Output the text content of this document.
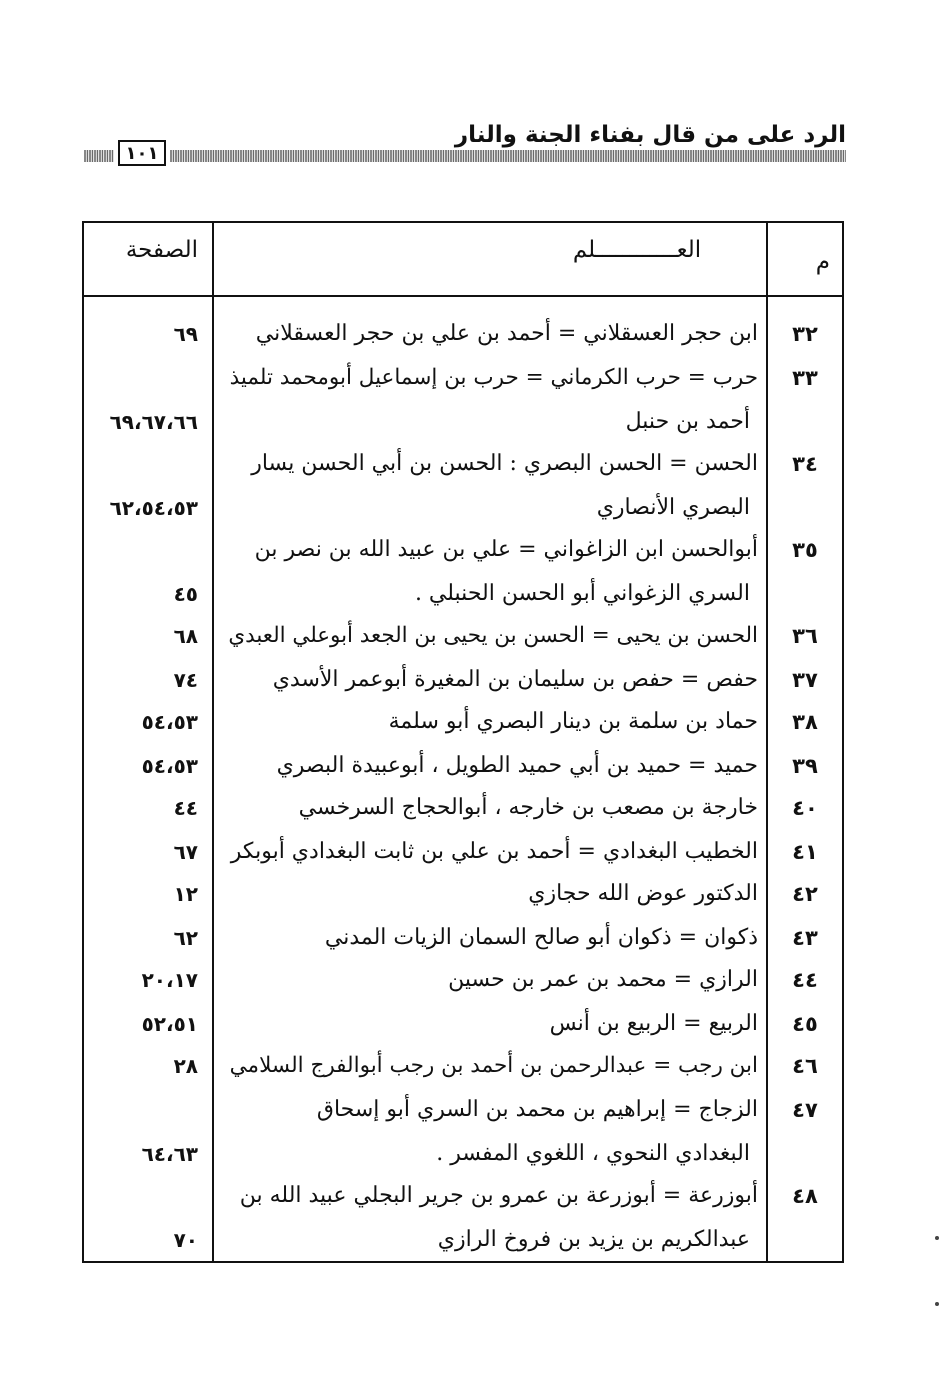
الرد على من قال بفناء الجنة والنار
١٠١
م
العــــــــــــلم
الصفحة
٣٢
ابن حجر العسقلاني = أحمد بن علي بن حجر العسقلاني
٦٩
٣٣
حرب = حرب الكرماني = حرب بن إسماعيل أبومحمد تلميذ
أحمد بن حنبل
٦٩،٦٧،٦٦
٣٤
الحسن = الحسن البصري : الحسن بن أبي الحسن يسار
البصري الأنصاري
٦٢،٥٤،٥٣
٣٥
أبوالحسن ابن الزاغواني = علي بن عبيد الله بن نصر بن
السري الزغواني أبو الحسن الحنبلي .
٤٥
٣٦
الحسن بن يحيى = الحسن بن يحيى بن الجعد أبوعلي العبدي
٦٨
٣٧
حفص = حفص بن سليمان بن المغيرة أبوعمر الأسدي
٧٤
٣٨
حماد بن سلمة بن دينار البصري أبو سلمة
٥٤،٥٣
٣٩
حميد = حميد بن أبي حميد الطويل ، أبوعبيدة البصري
٥٤،٥٣
٤٠
خارجة بن مصعب بن خارجه ، أبوالحجاج السرخسي
٤٤
٤١
الخطيب البغدادي = أحمد بن علي بن ثابت البغدادي أبوبكر
٦٧
٤٢
الدكتور عوض الله حجازي
١٢
٤٣
ذكوان = ذكوان أبو صالح السمان الزيات المدني
٦٢
٤٤
الرازي = محمد بن عمر بن حسين
٢٠،١٧
٤٥
الربيع = الربيع بن أنس
٥٢،٥١
٤٦
ابن رجب = عبدالرحمن بن أحمد بن رجب أبوالفرج السلامي
٢٨
٤٧
الزجاج = إبراهيم بن محمد بن السري أبو إسحاق
البغدادي النحوي ، اللغوي المفسر .
٦٤،٦٣
٤٨
أبوزرعة = أبوزرعة بن عمرو بن جرير البجلي عبيد الله بن
عبدالكريم بن يزيد بن فروخ الرازي
٧٠
